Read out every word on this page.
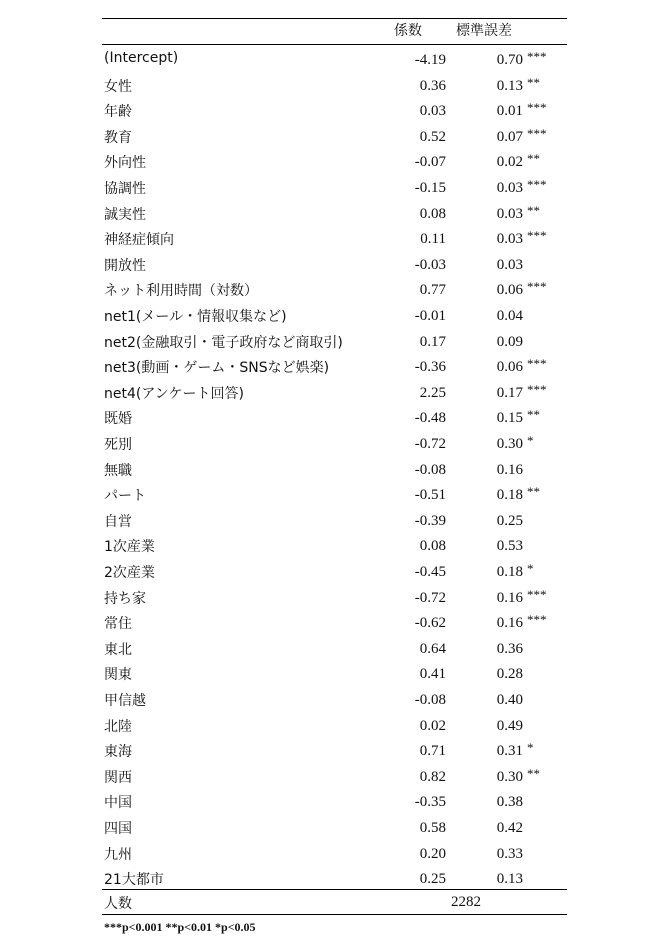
係数 標準誤差
(Intercept)	-4.19	0.70 ***
女性	0.36	0.13 **
年齢	0.03	0.01 ***
教育	0.52	0.07 ***
外向性	-0.07	0.02 **
協調性	-0.15	0.03 ***
誠実性	0.08	0.03 **
神経症傾向	0.11	0.03 ***
開放性	-0.03	0.03
ネット利用時間（対数）	0.77	0.06 ***
net1(メール・情報収集など)	-0.01	0.04
net2(金融取引・電子政府など商取引)	0.17	0.09
net3(動画・ゲーム・SNSなど娯楽)	-0.36	0.06 ***
net4(アンケート回答)	2.25	0.17 ***
既婚	-0.48	0.15 **
死別	-0.72	0.30 *
無職	-0.08	0.16
パート	-0.51	0.18 **
自営	-0.39	0.25
1次産業	0.08	0.53
2次産業	-0.45	0.18 *
持ち家	-0.72	0.16 ***
常住	-0.62	0.16 ***
東北	0.64	0.36
関東	0.41	0.28
甲信越	-0.08	0.40
北陸	0.02	0.49
東海	0.71	0.31 *
関西	0.82	0.30 **
中国	-0.35	0.38
四国	0.58	0.42
九州	0.20	0.33
21大都市	0.25	0.13
人数	2282
***p<0.001 **p<0.01 *p<0.05
